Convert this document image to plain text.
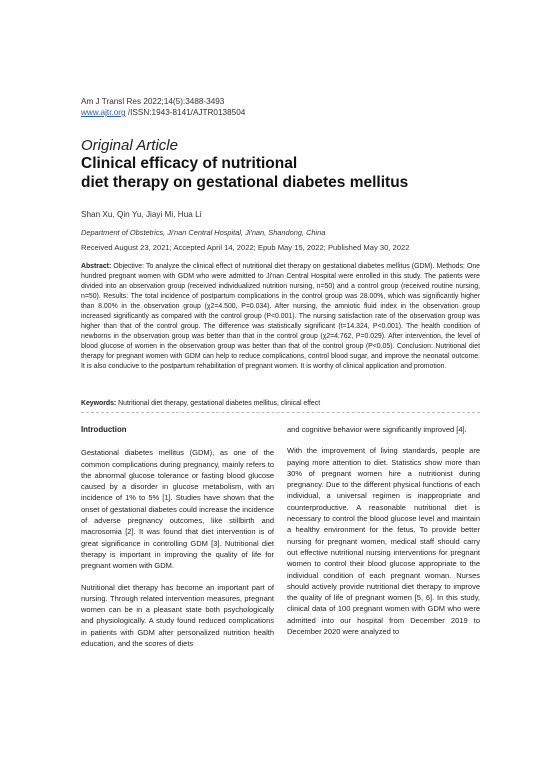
Am J Transl Res 2022;14(5):3488-3493
www.ajtr.org /ISSN:1943-8141/AJTR0138504
Original Article
Clinical efficacy of nutritional
diet therapy on gestational diabetes mellitus
Shan Xu, Qin Yu, Jiayi Mi, Hua Li
Department of Obstetrics, Ji'nan Central Hospital, Ji'nan, Shandong, China
Received August 23, 2021; Accepted April 14, 2022; Epub May 15, 2022; Published May 30, 2022
Abstract: Objective: To analyze the clinical effect of nutritional diet therapy on gestational diabetes mellitus (GDM). Methods: One hundred pregnant women with GDM who were admitted to Ji'nan Central Hospital were enrolled in this study. The patients were divided into an observation group (received individualized nutrition nursing, n=50) and a control group (received routine nursing, n=50). Results: The total incidence of postpartum complications in the control group was 28.00%, which was significantly higher than 8.00% in the observation group (χ2=4.500, P=0.034). After nursing, the amniotic fluid index in the observation group increased significantly as compared with the control group (P<0.001). The nursing satisfaction rate of the observation group was higher than that of the control group. The difference was statistically significant (t=14.324, P<0.001). The health condition of newborns in the observation group was better than that in the control group (χ2=4.762, P=0.029). After intervention, the level of blood glucose of women in the observation group was better than that of the control group (P<0.05). Conclusion: Nutritional diet therapy for pregnant women with GDM can help to reduce complications, control blood sugar, and improve the neonatal outcome. It is also conducive to the postpartum rehabilitation of pregnant women. It is worthy of clinical application and promotion.
Keywords: Nutritional diet therapy, gestational diabetes mellitus, clinical effect
Introduction

Gestational diabetes mellitus (GDM), as one of the common complications during pregnancy, mainly refers to the abnormal glucose tolerance or fasting blood glucose caused by a disorder in glucose metabolism, with an incidence of 1% to 5% [1]. Studies have shown that the onset of gestational diabetes could increase the incidence of adverse pregnancy outcomes, like stillbirth and macrosomia [2]. It was found that diet intervention is of great significance in controlling GDM [3]. Nutritional diet therapy is important in improving the quality of life for pregnant women with GDM.

Nutritional diet therapy has become an important part of nursing. Through related intervention measures, pregnant women can be in a pleasant state both psychologically and physiologically. A study found reduced complications in patients with GDM after personalized nutrition health education, and the scores of diets

and cognitive behavior were significantly improved [4].

With the improvement of living standards, people are paying more attention to diet. Statistics show more than 30% of pregnant women hire a nutritionist during pregnancy. Due to the different physical functions of each individual, a universal regimen is inappropriate and counterproductive. A reasonable nutritional diet is necessary to control the blood glucose level and maintain a healthy environment for the fetus. To provide better nursing for pregnant women, medical staff should carry out effective nutritional nursing interventions for pregnant women to control their blood glucose appropriate to the individual condition of each pregnant woman. Nurses should actively provide nutritional diet therapy to improve the quality of life of pregnant women [5, 6]. In this study, clinical data of 100 pregnant women with GDM who were admitted into our hospital from December 2019 to December 2020 were analyzed to
